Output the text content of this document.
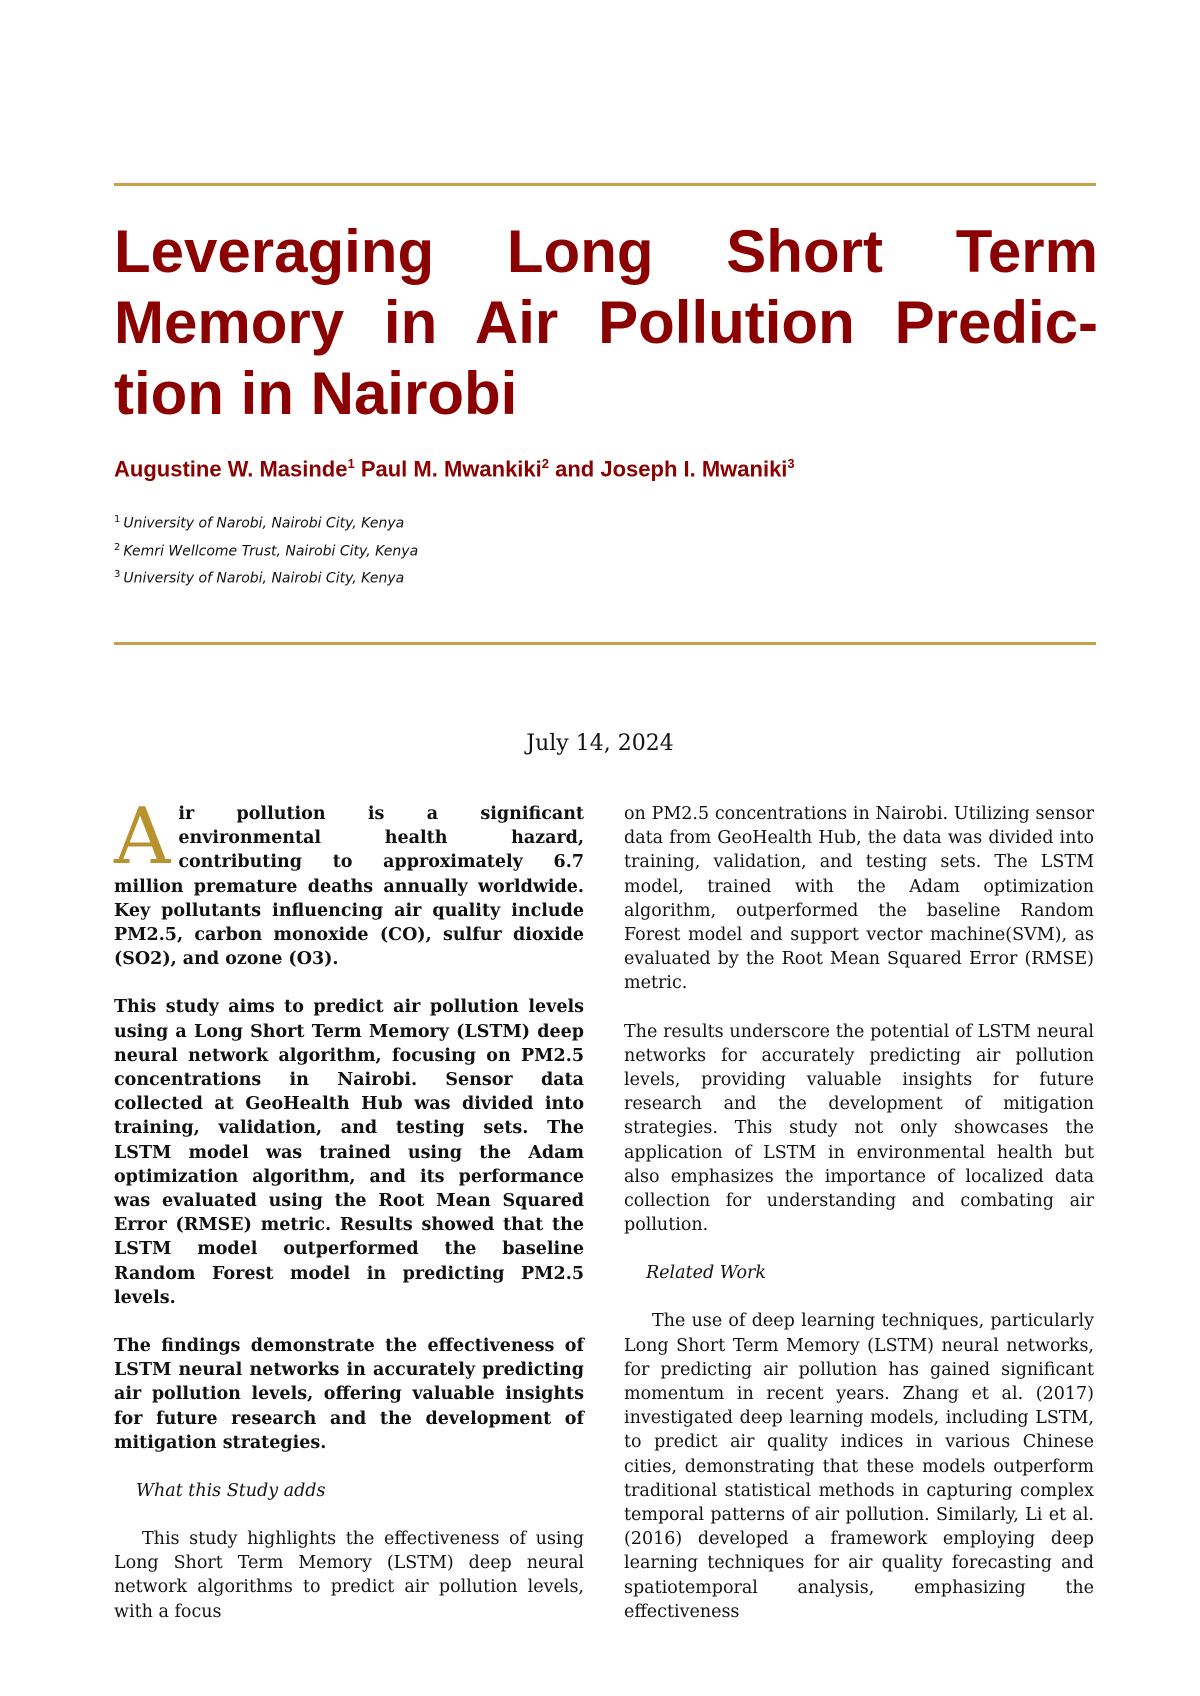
Leveraging Long Short Term
Memory in Air Pollution Predic-
tion in Nairobi
Augustine W. Masinde$^1$ Paul M. Mwankiki$^2$ and Joseph I. Mwaniki$^3$
$^1$ University of Narobi, Nairobi City, Kenya
$^2$ Kemri Wellcome Trust, Nairobi City, Kenya
$^3$ University of Narobi, Nairobi City, Kenya
July 14, 2024

Air pollution is a significant environmental health hazard, contributing to approximately 6.7 million premature deaths annually worldwide. Key pollutants influencing air quality include PM2.5, carbon monoxide (CO), sulfur dioxide (SO2), and ozone (O3).

This study aims to predict air pollution levels using a Long Short Term Memory (LSTM) deep neural network algorithm, focusing on PM2.5 concentrations in Nairobi. Sensor data collected at GeoHealth Hub was divided into training, validation, and testing sets. The LSTM model was trained using the Adam optimization algorithm, and its performance was evaluated using the Root Mean Squared Error (RMSE) metric. Results showed that the LSTM model outperformed the baseline Random Forest model in predicting PM2.5 levels.

The findings demonstrate the effectiveness of LSTM neural networks in accurately predicting air pollution levels, offering valuable insights for future research and the development of mitigation strategies.

What this Study adds

This study highlights the effectiveness of using Long Short Term Memory (LSTM) deep neural network algorithms to predict air pollution levels, with a focus

on PM2.5 concentrations in Nairobi. Utilizing sensor data from GeoHealth Hub, the data was divided into training, validation, and testing sets. The LSTM model, trained with the Adam optimization algorithm, outperformed the baseline Random Forest model and support vector machine(SVM), as evaluated by the Root Mean Squared Error (RMSE) metric.

The results underscore the potential of LSTM neural networks for accurately predicting air pollution levels, providing valuable insights for future research and the development of mitigation strategies. This study not only showcases the application of LSTM in environmental health but also emphasizes the importance of localized data collection for understanding and combating air pollution.

Related Work

The use of deep learning techniques, particularly Long Short Term Memory (LSTM) neural networks, for predicting air pollution has gained significant momentum in recent years. Zhang et al. (2017) investigated deep learning models, including LSTM, to predict air quality indices in various Chinese cities, demonstrating that these models outperform traditional statistical methods in capturing complex temporal patterns of air pollution. Similarly, Li et al. (2016) developed a framework employing deep learning techniques for air quality forecasting and spatiotemporal analysis, emphasizing the effectiveness
